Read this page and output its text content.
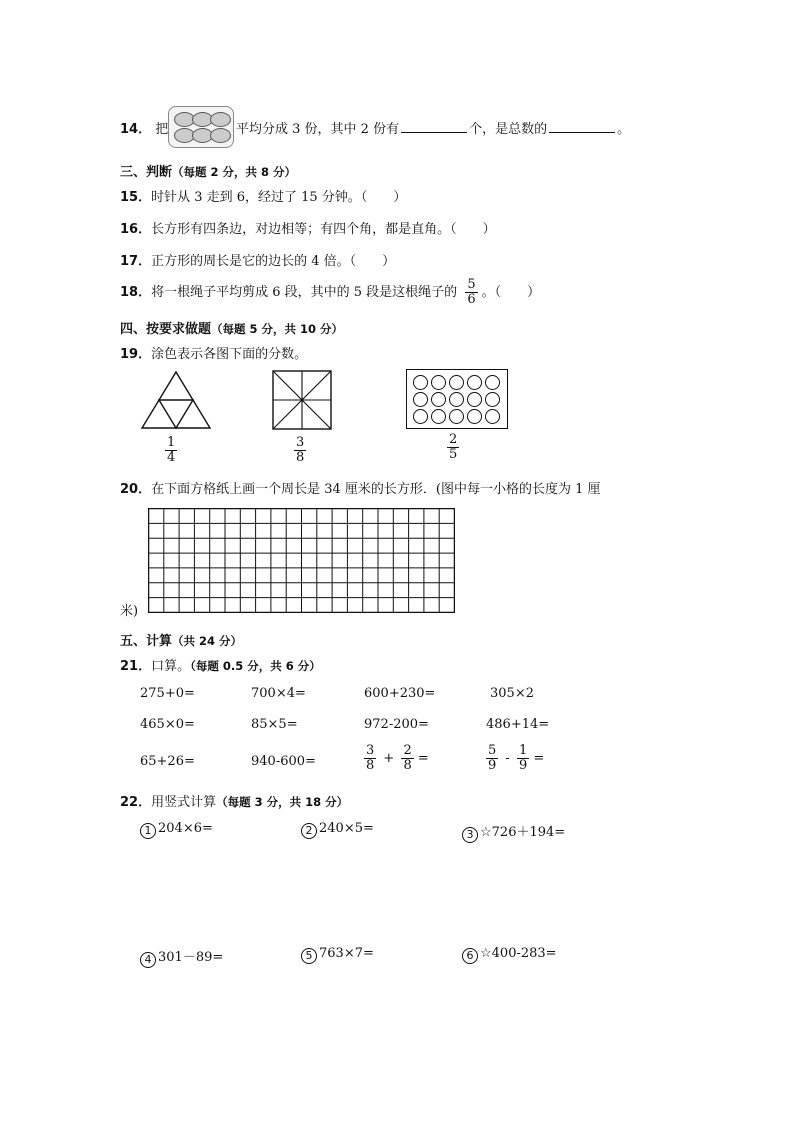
14． 把	平均分成 3 份，其中 2 份有	个，是总数的	。
三、判断（每题 2 分，共 8 分）
15．时针从 3 走到 6，经过了 15 分钟。（　　）
16．长方形有四条边，对边相等；有四个角，都是直角。（　　）
17．正方形的周长是它的边长的 4 倍。（　　）
18．将一根绳子平均剪成 6 段，其中的 5 段是这根绳子的 $\frac{5}{6}$ 。（　　）
四、按要求做题（每题 5 分，共 10 分）
19．涂色表示各图下面的分数。
$\frac{1}{4}$	$\frac{3}{8}$	$\frac{2}{5}$
20．在下面方格纸上画一个周长是 34 厘米的长方形．(图中每一小格的长度为 1 厘
米)
五、计算（共 24 分）
21．口算。（每题 0.5 分，共 6 分）
275+0=	700×4=	600+230=	305×2
465×0=	85×5=	972-200=	486+14=
65+26=	940-600=	$\frac{3}{8} + \frac{2}{8}$ =	$\frac{5}{9} - \frac{1}{9}$ =
22．用竖式计算（每题 3 分，共 18 分）
1 204×6=	2 240×5=	3 ☆726＋194=
4 301－89=	5 763×7=	6 ☆400-283=
